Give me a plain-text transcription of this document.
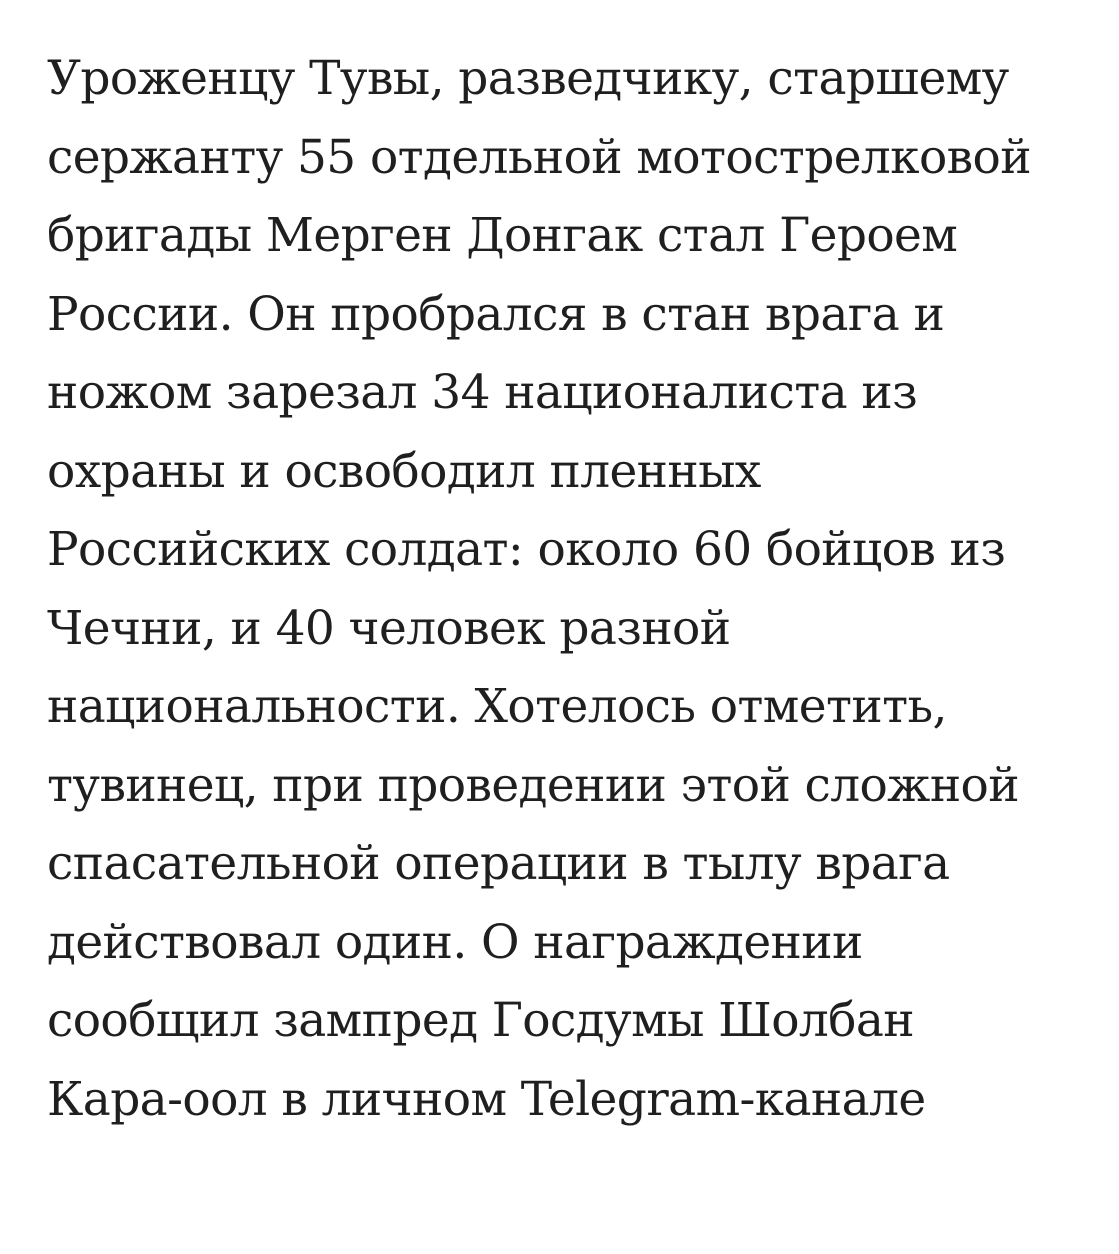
Уроженцу Тувы, разведчику, старшему
сержанту 55 отдельной мотострелковой
бригады Мерген Донгак стал Героем
России. Он пробрался в стан врага и
ножом зарезал 34 националиста из
охраны и освободил пленных
Российских солдат: около 60 бойцов из
Чечни, и 40 человек разной
национальности. Хотелось отметить,
тувинец, при проведении этой сложной
спасательной операции в тылу врага
действовал один. О награждении
сообщил зампред Госдумы Шолбан
Кара-оол в личном Telegram-канале
